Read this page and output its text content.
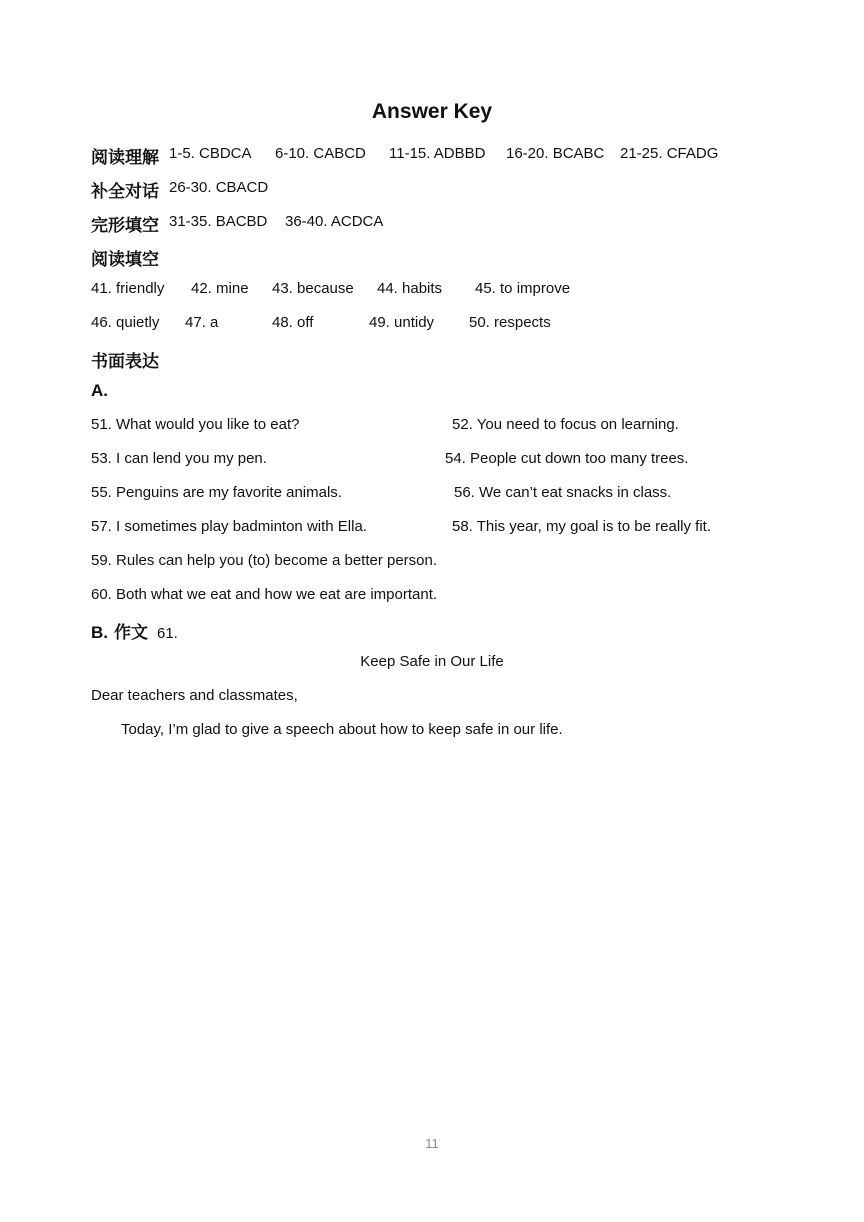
Answer Key
阅读理解 1-5. CBDCA 6-10. CABCD 11-15. ADBBD 16-20. BCABC 21-25. CFADG
补全对话 26-30. CBACD
完形填空 31-35. BACBD 36-40. ACDCA
阅读填空
41. friendly 42. mine 43. because 44. habits 45. to improve
46. quietly 47. a	48. off	49. untidy 50. respects
书面表达
A.
51. What would you like to eat?	52. You need to focus on learning.
53. I can lend you my pen.	54. People cut down too many trees.
55. Penguins are my favorite animals.	56. We can’t eat snacks in class.
57. I sometimes play badminton with Ella.	58. This year, my goal is to be really fit.
59. Rules can help you (to) become a better person.
60. Both what we eat and how we eat are important.
B. 作文 61.
Keep Safe in Our Life
Dear teachers and classmates,
Today, I’m glad to give a speech about how to keep safe in our life.
11
